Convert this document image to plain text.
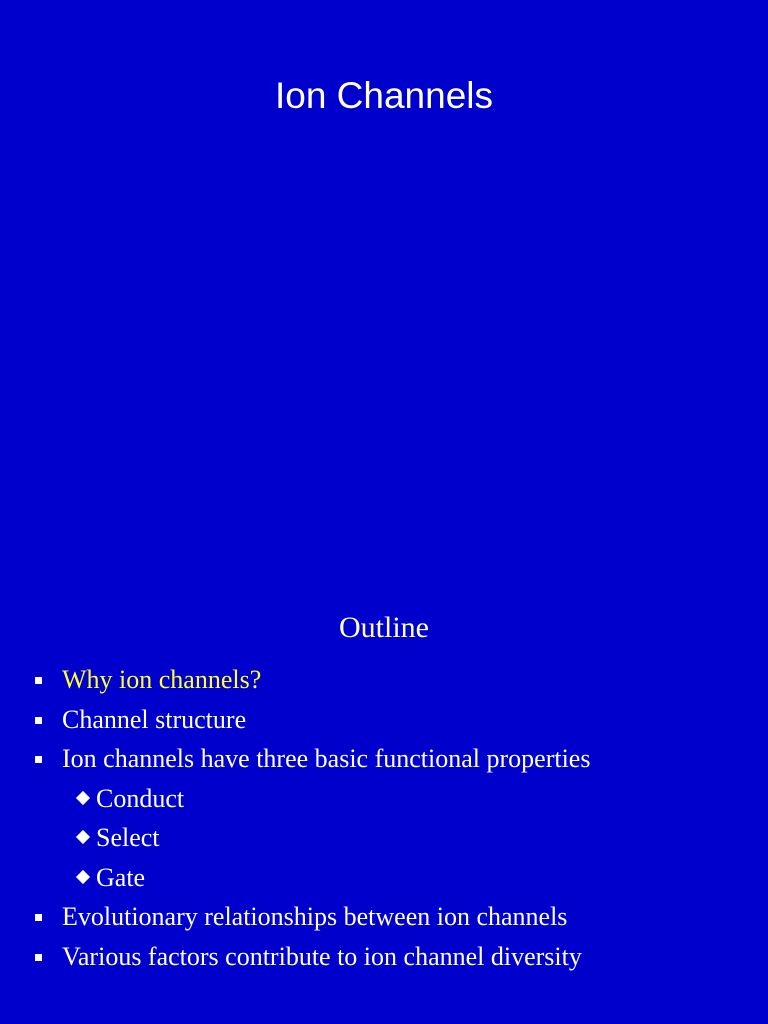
Ion Channels
Outline
Why ion channels?
Channel structure
Ion channels have three basic functional properties
Conduct
Select
Gate
Evolutionary relationships between ion channels
Various factors contribute to ion channel diversity
